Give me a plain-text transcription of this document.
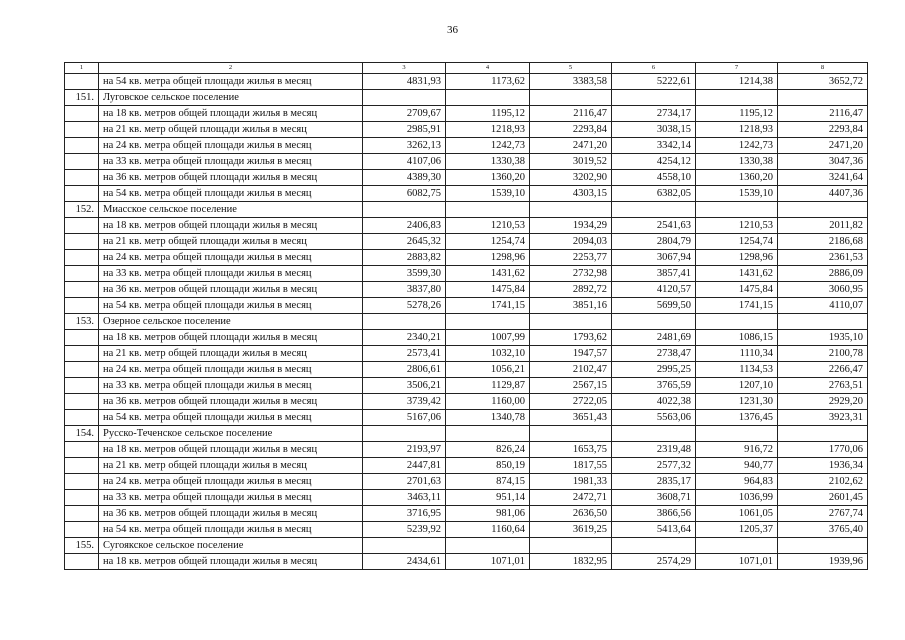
36
1	2	3	4	5	6	7	8
	на 54 кв. метра общей площади жилья в месяц	4831,93	1173,62	3383,58	5222,61	1214,38	3652,72
151.	Луговское сельское поселение						
	на 18 кв. метров общей площади жилья в месяц	2709,67	1195,12	2116,47	2734,17	1195,12	2116,47
	на 21 кв. метр общей площади жилья в месяц	2985,91	1218,93	2293,84	3038,15	1218,93	2293,84
	на 24 кв. метра общей площади жилья в месяц	3262,13	1242,73	2471,20	3342,14	1242,73	2471,20
	на 33 кв. метра общей площади жилья в месяц	4107,06	1330,38	3019,52	4254,12	1330,38	3047,36
	на 36 кв. метров общей площади жилья в месяц	4389,30	1360,20	3202,90	4558,10	1360,20	3241,64
	на 54 кв. метра общей площади жилья в месяц	6082,75	1539,10	4303,15	6382,05	1539,10	4407,36
152.	Миасское сельское поселение						
	на 18 кв. метров общей площади жилья в месяц	2406,83	1210,53	1934,29	2541,63	1210,53	2011,82
	на 21 кв. метр общей площади жилья в месяц	2645,32	1254,74	2094,03	2804,79	1254,74	2186,68
	на 24 кв. метра общей площади жилья в месяц	2883,82	1298,96	2253,77	3067,94	1298,96	2361,53
	на 33 кв. метра общей площади жилья в месяц	3599,30	1431,62	2732,98	3857,41	1431,62	2886,09
	на 36 кв. метров общей площади жилья в месяц	3837,80	1475,84	2892,72	4120,57	1475,84	3060,95
	на 54 кв. метра общей площади жилья в месяц	5278,26	1741,15	3851,16	5699,50	1741,15	4110,07
153.	Озерное сельское поселение						
	на 18 кв. метров общей площади жилья в месяц	2340,21	1007,99	1793,62	2481,69	1086,15	1935,10
	на 21 кв. метр общей площади жилья в месяц	2573,41	1032,10	1947,57	2738,47	1110,34	2100,78
	на 24 кв. метра общей площади жилья в месяц	2806,61	1056,21	2102,47	2995,25	1134,53	2266,47
	на 33 кв. метра общей площади жилья в месяц	3506,21	1129,87	2567,15	3765,59	1207,10	2763,51
	на 36 кв. метров общей площади жилья в месяц	3739,42	1160,00	2722,05	4022,38	1231,30	2929,20
	на 54 кв. метра общей площади жилья в месяц	5167,06	1340,78	3651,43	5563,06	1376,45	3923,31
154.	Русско-Теченское сельское поселение						
	на 18 кв. метров общей площади жилья в месяц	2193,97	826,24	1653,75	2319,48	916,72	1770,06
	на 21 кв. метр общей площади жилья в месяц	2447,81	850,19	1817,55	2577,32	940,77	1936,34
	на 24 кв. метра общей площади жилья в месяц	2701,63	874,15	1981,33	2835,17	964,83	2102,62
	на 33 кв. метра общей площади жилья в месяц	3463,11	951,14	2472,71	3608,71	1036,99	2601,45
	на 36 кв. метров общей площади жилья в месяц	3716,95	981,06	2636,50	3866,56	1061,05	2767,74
	на 54 кв. метра общей площади жилья в месяц	5239,92	1160,64	3619,25	5413,64	1205,37	3765,40
155.	Сугоякское сельское поселение						
	на 18 кв. метров общей площади жилья в месяц	2434,61	1071,01	1832,95	2574,29	1071,01	1939,96
